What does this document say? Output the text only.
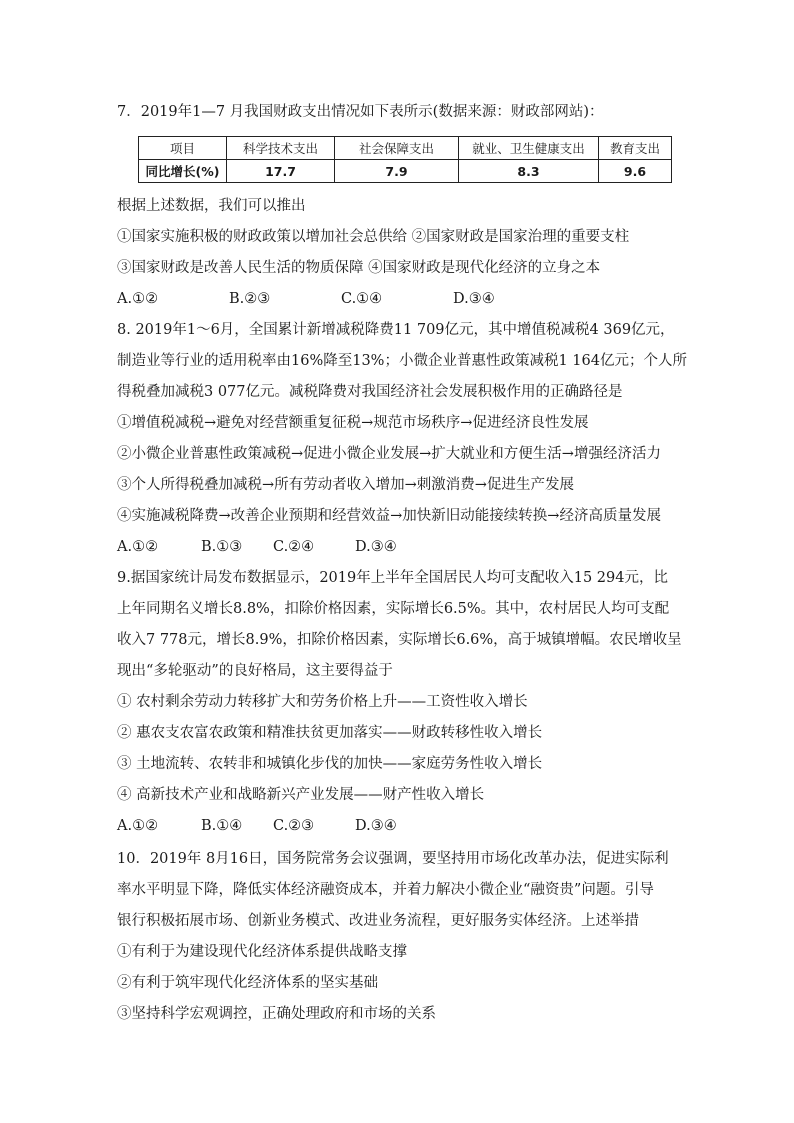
7．2019年1—7 月我国财政支出情况如下表所示(数据来源：财政部网站)：
项目	科学技术支出	社会保障支出	就业、卫生健康支出	教育支出
同比增长(%)	17.7	7.9	8.3	9.6
根据上述数据，我们可以推出
①国家实施积极的财政政策以增加社会总供给 ②国家财政是国家治理的重要支柱
③国家财政是改善人民生活的物质保障 ④国家财政是现代化经济的立身之本
A.①②	B.②③	C.①④	D.③④
8. 2019年1～6月，全国累计新增减税降费11 709亿元，其中增值税减税4 369亿元，
制造业等行业的适用税率由16%降至13%；小微企业普惠性政策减税1 164亿元；个人所
得税叠加减税3 077亿元。减税降费对我国经济社会发展积极作用的正确路径是
①增值税减税→避免对经营额重复征税→规范市场秩序→促进经济良性发展
②小微企业普惠性政策减税→促进小微企业发展→扩大就业和方便生活→增强经济活力
③个人所得税叠加减税→所有劳动者收入增加→刺激消费→促进生产发展
④实施减税降费→改善企业预期和经营效益→加快新旧动能接续转换→经济高质量发展
A.①②	B.①③ C.②④	D.③④
9.据国家统计局发布数据显示，2019年上半年全国居民人均可支配收入15 294元，比
上年同期名义增长8.8%，扣除价格因素，实际增长6.5%。其中，农村居民人均可支配
收入7 778元，增长8.9%，扣除价格因素，实际增长6.6%，高于城镇增幅。农民增收呈
现出“多轮驱动”的良好格局，这主要得益于
① 农村剩余劳动力转移扩大和劳务价格上升——工资性收入增长
② 惠农支农富农政策和精准扶贫更加落实——财政转移性收入增长
③ 土地流转、农转非和城镇化步伐的加快——家庭劳务性收入增长
④ 高新技术产业和战略新兴产业发展——财产性收入增长
A.①②	B.①④ C.②③	D.③④
10．2019年 8月16日，国务院常务会议强调，要坚持用市场化改革办法，促进实际利
率水平明显下降，降低实体经济融资成本，并着力解决小微企业“融资贵”问题。引导
银行积极拓展市场、创新业务模式、改进业务流程，更好服务实体经济。上述举措
①有利于为建设现代化经济体系提供战略支撑
②有利于筑牢现代化经济体系的坚实基础
③坚持科学宏观调控，正确处理政府和市场的关系
